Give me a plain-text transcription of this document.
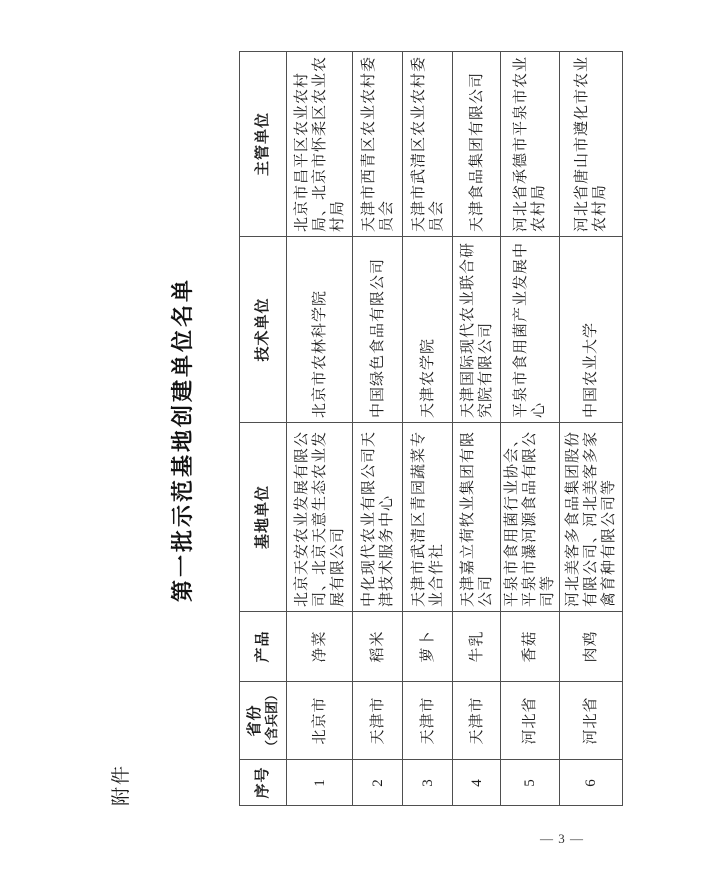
附件
第一批示范基地创建单位名单
序号	省份 （含兵团）	产品	基地单位	技术单位	主管单位
1	北京市	净菜	北京天安农业发展有限公司、北京天意生态农业发展有限公司	北京市农林科学院	北京市昌平区农业农村局、北京市怀柔区农业农村局
2	天津市	稻米	中化现代农业有限公司天津技术服务中心	中国绿色食品有限公司	天津市西青区农业农村委员会
3	天津市	萝卜	天津市武清区青园蔬菜专业合作社	天津农学院	天津市武清区农业农村委员会
4	天津市	牛乳	天津嘉立荷牧业集团有限公司	天津国际现代农业联合研究院有限公司	天津食品集团有限公司
5	河北省	香菇	平泉市食用菌行业协会、平泉市瀑河源食品有限公司等	平泉市食用菌产业发展中心	河北省承德市平泉市农业农村局
6	河北省	肉鸡	河北美客多食品集团股份有限公司、河北美客多家禽育种有限公司等	中国农业大学	河北省唐山市遵化市农业农村局
— 3 —
